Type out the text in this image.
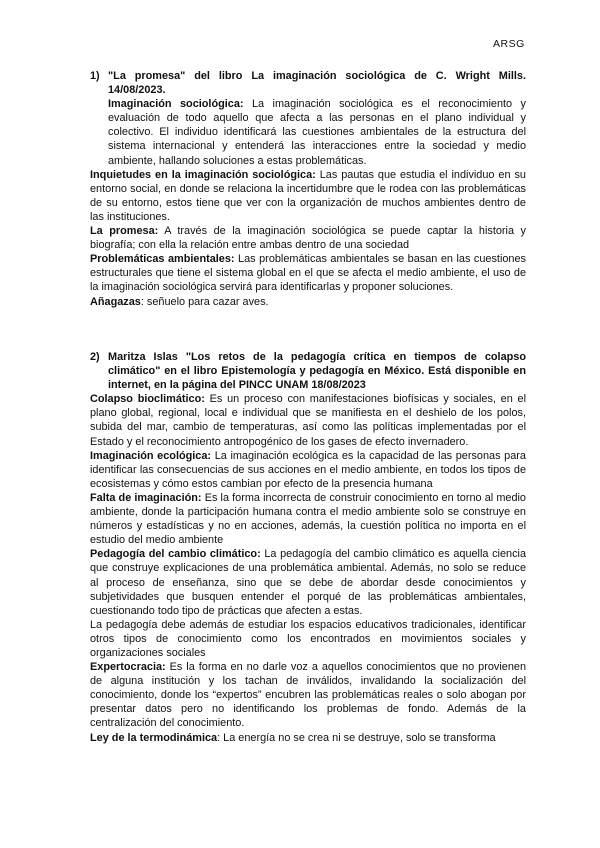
ARSG
1) "La promesa" del libro La imaginación sociológica de C. Wright Mills. 14/08/2023.

Imaginación sociológica: La imaginación sociológica es el reconocimiento y evaluación de todo aquello que afecta a las personas en el plano individual y colectivo. El individuo identificará las cuestiones ambientales de la estructura del sistema internacional y entenderá las interacciones entre la sociedad y medio ambiente, hallando soluciones a estas problemáticas.

Inquietudes en la imaginación sociológica: Las pautas que estudia el individuo en su entorno social, en donde se relaciona la incertidumbre que le rodea con las problemáticas de su entorno, estos tiene que ver con la organización de muchos ambientes dentro de las instituciones.

La promesa: A través de la imaginación sociológica se puede captar la historia y biografía; con ella la relación entre ambas dentro de una sociedad

Problemáticas ambientales: Las problemáticas ambientales se basan en las cuestiones estructurales que tiene el sistema global en el que se afecta el medio ambiente, el uso de la imaginación sociológica servirá para identificarlas y proponer soluciones.

Añagazas: señuelo para cazar aves.

2) Maritza Islas "Los retos de la pedagogía crítica en tiempos de colapso climático" en el libro Epistemología y pedagogía en México. Está disponible en internet, en la página del PINCC UNAM 18/08/2023

Colapso bioclimático: Es un proceso con manifestaciones biofísicas y sociales, en el plano global, regional, local e individual que se manifiesta en el deshielo de los polos, subida del mar, cambio de temperaturas, así como las políticas implementadas por el Estado y el reconocimiento antropogénico de los gases de efecto invernadero.

Imaginación ecológica: La imaginación ecológica es la capacidad de las personas para identificar las consecuencias de sus acciones en el medio ambiente, en todos los tipos de ecosistemas y cómo estos cambian por efecto de la presencia humana

Falta de imaginación: Es la forma incorrecta de construir conocimiento en torno al medio ambiente, donde la participación humana contra el medio ambiente solo se construye en números y estadísticas y no en acciones, además, la cuestión política no importa en el estudio del medio ambiente

Pedagogía del cambio climático: La pedagogía del cambio climático es aquella ciencia que construye explicaciones de una problemática ambiental. Además, no solo se reduce al proceso de enseñanza, sino que se debe de abordar desde conocimientos y subjetividades que busquen entender el porqué de las problemáticas ambientales, cuestionando todo tipo de prácticas que afecten a estas.

La pedagogía debe además de estudiar los espacios educativos tradicionales, identificar otros tipos de conocimiento como los encontrados en movimientos sociales y organizaciones sociales

Expertocracia: Es la forma en no darle voz a aquellos conocimientos que no provienen de alguna institución y los tachan de inválidos, invalidando la socialización del conocimiento, donde los “expertos” encubren las problemáticas reales o solo abogan por presentar datos pero no identificando los problemas de fondo. Además de la centralización del conocimiento.

Ley de la termodinámica: La energía no se crea ni se destruye, solo se transforma
